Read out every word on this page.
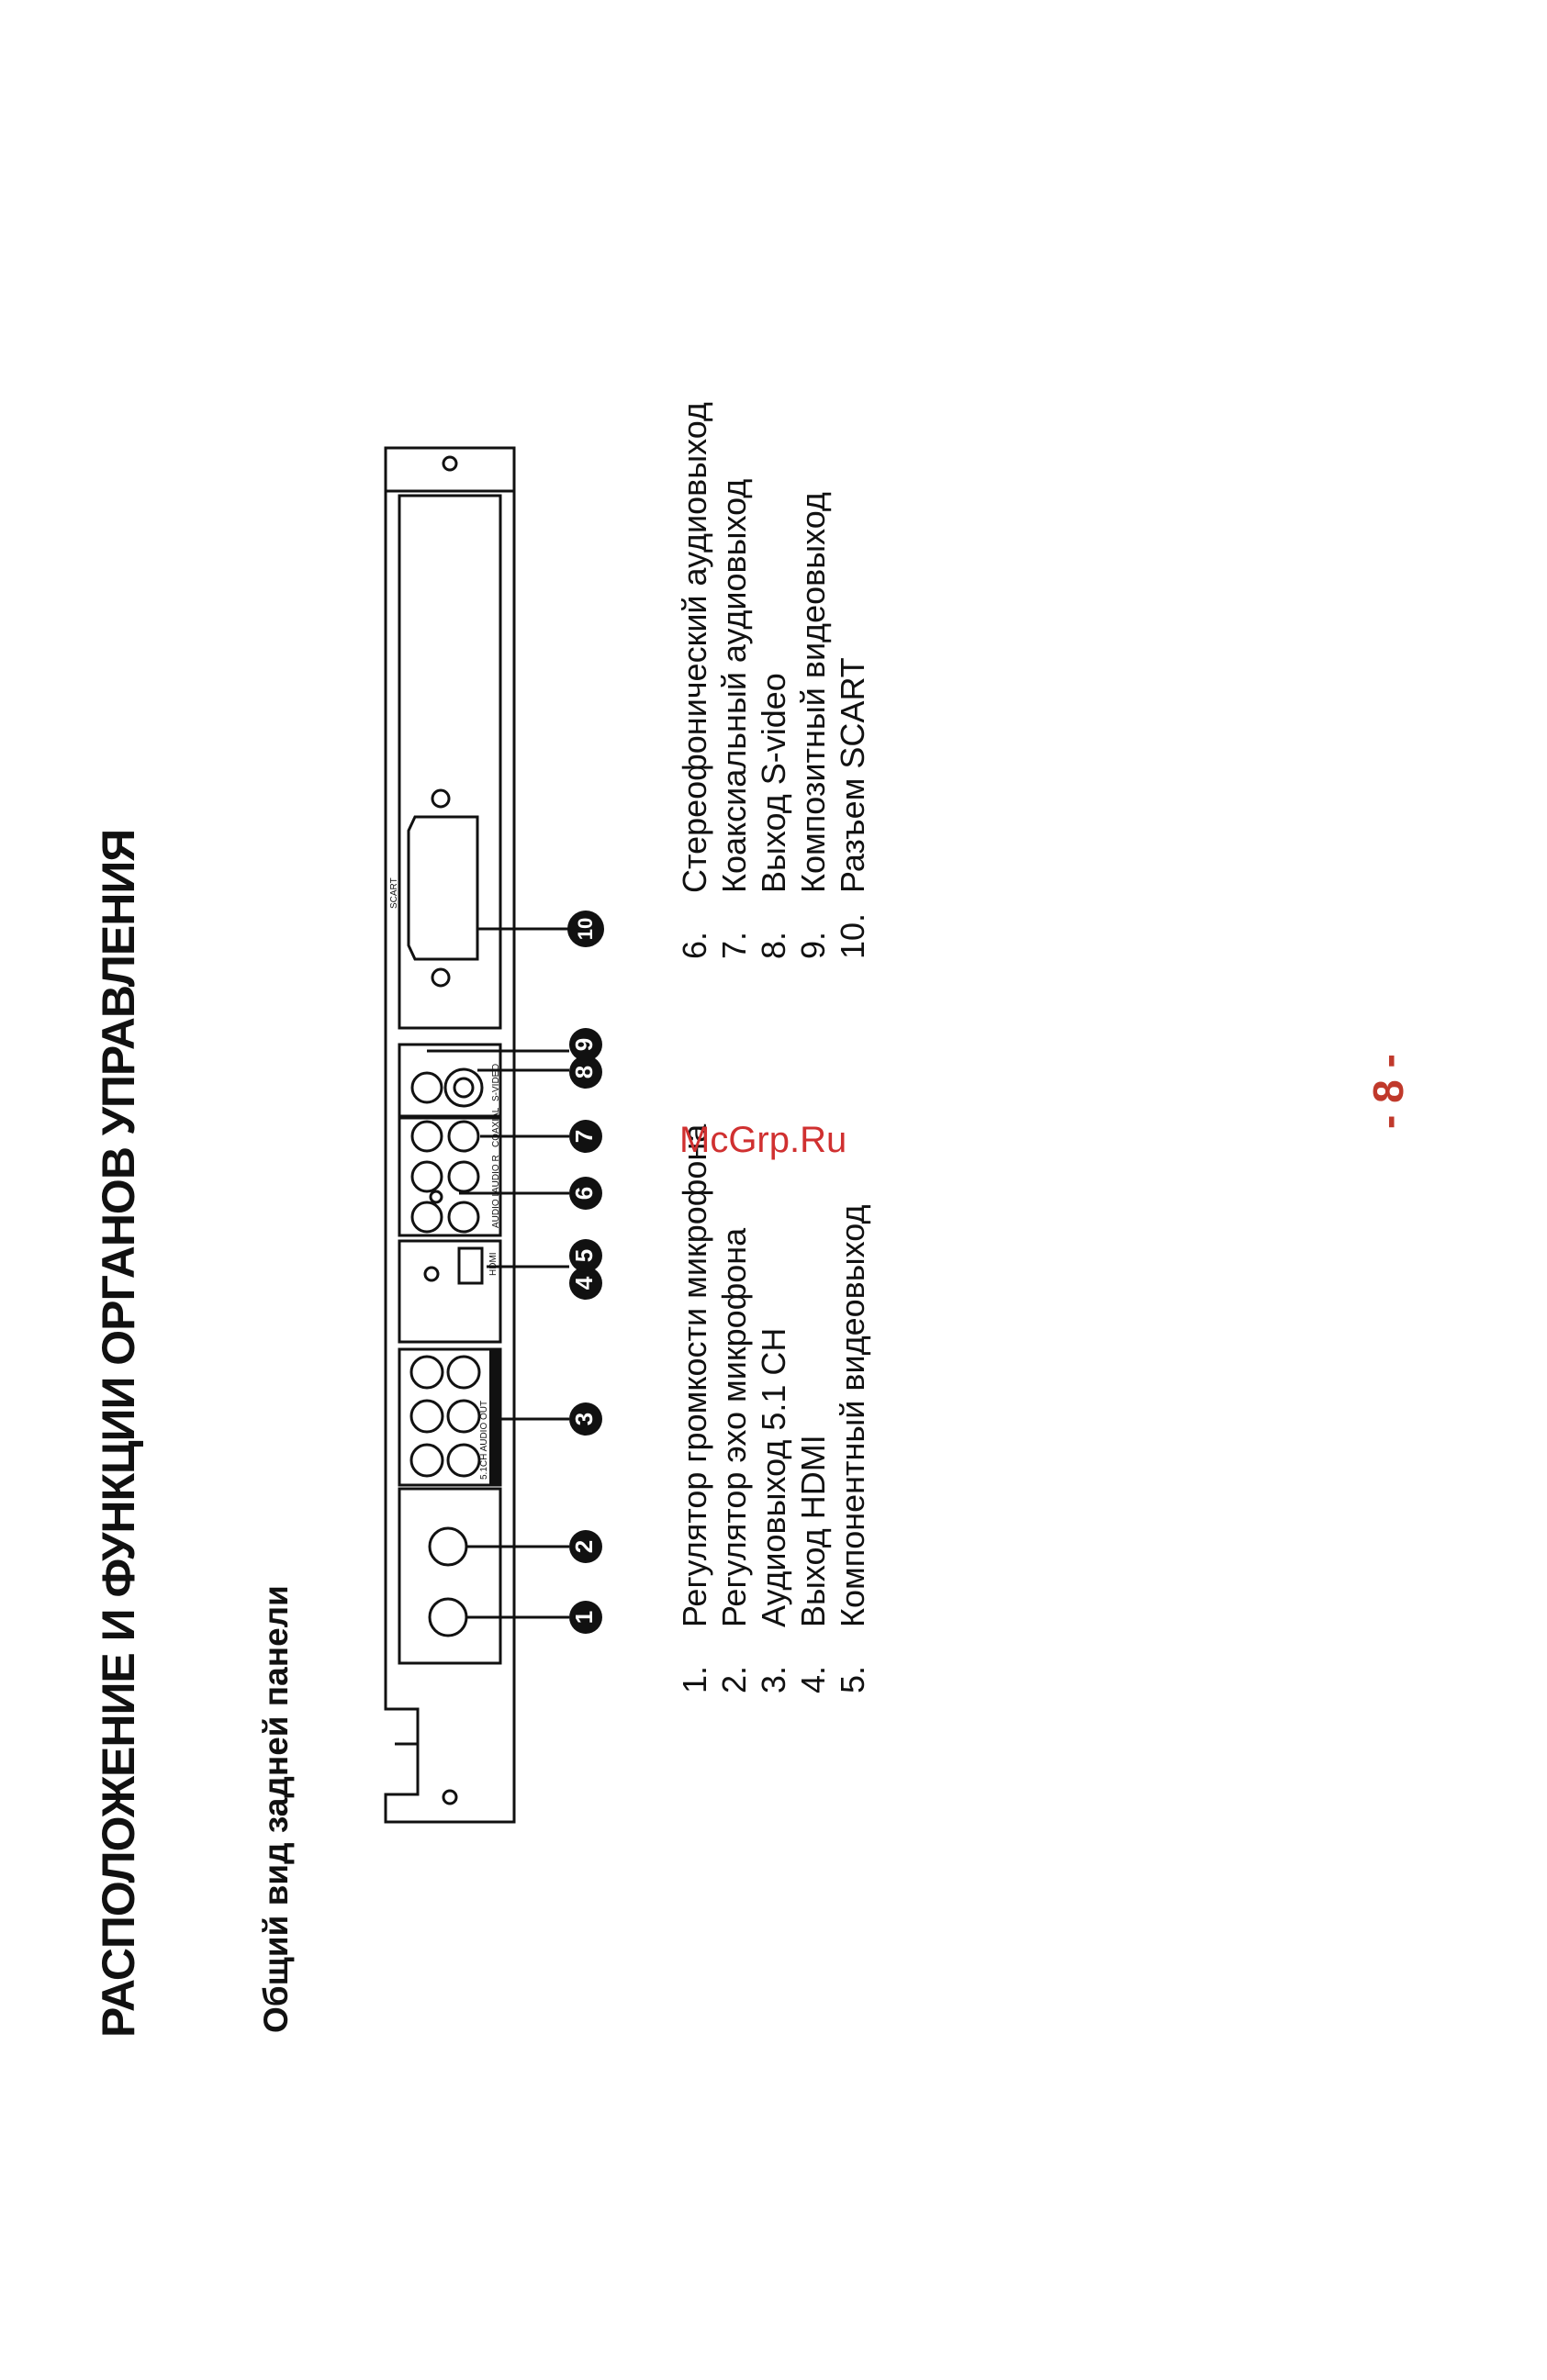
РАСПОЛОЖЕНИЕ И ФУНКЦИИ ОРГАНОВ УПРАВЛЕНИЯ	Общий вид задней панели
SCART
S-VIDEO
COAXIAL
AUDIO R
AUDIO L
HDMI
5.1CH AUDIO OUT
1
2
3
4
5
6
7
8
9
10
1.
Регулятор громкости микрофона
2.
Регулятор эхо микрофона
3.
Аудиовыход 5.1 CH
4.
Выход HDMI
5.
Компонентный видеовыход
6.
Стереофонический аудиовыход
7.
Коаксиальный аудиовыход
8.
Выход S-video
9.
Композитный видеовыход
10.
Разъем SCART
McGrp.Ru
- 8 -
